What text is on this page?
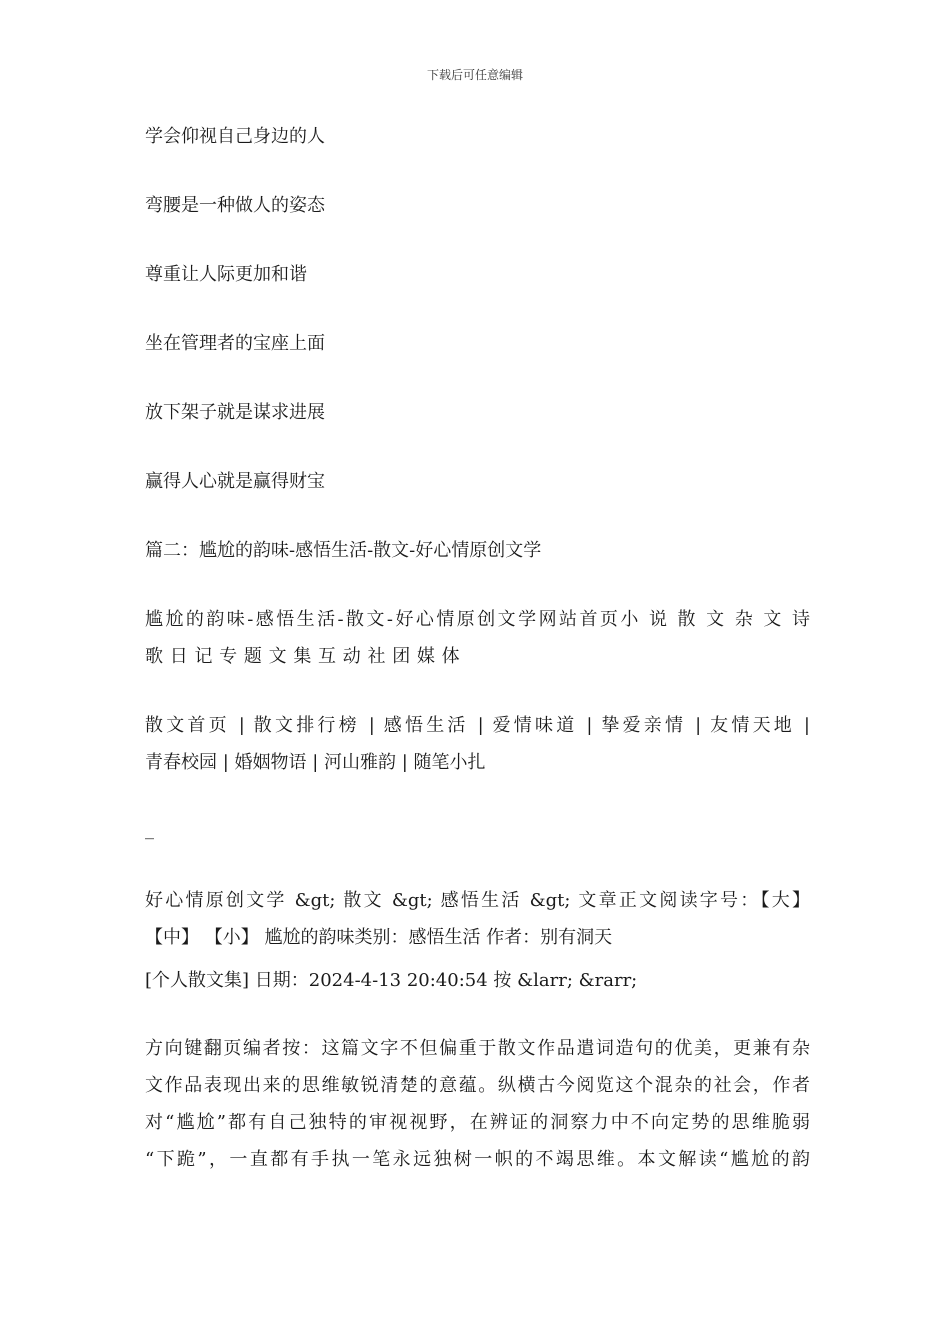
下载后可任意编辑
学会仰视自己身边的人
弯腰是一种做人的姿态
尊重让人际更加和谐
坐在管理者的宝座上面
放下架子就是谋求进展
赢得人心就是赢得财宝
篇二：尴尬的韵味-感悟生活-散文-好心情原创文学
尴尬的韵味-感悟生活-散文-好心情原创文学网站首页小 说 散 文 杂 文 诗
歌 日 记 专 题 文 集 互 动 社 团 媒 体
散文首页 | 散文排行榜 | 感悟生活 | 爱情味道 | 挚爱亲情 | 友情天地 |
青春校园 | 婚姻物语 | 河山雅韵 | 随笔小扎
_
好心情原创文学 &gt; 散文 &gt; 感悟生活 &gt; 文章正文阅读字号：【大】
【中】 【小】 尴尬的韵味类别：感悟生活 作者：别有洞天
[个人散文集] 日期：2024-4-13 20:40:54 按 &larr; &rarr;
方向键翻页编者按：这篇文字不但偏重于散文作品遣词造句的优美，更兼有杂
文作品表现出来的思维敏锐清楚的意蕴。纵横古今阅览这个混杂的社会，作者
对“尴尬”都有自己独特的审视视野，在辨证的洞察力中不向定势的思维脆弱
“下跪”，一直都有手执一笔永远独树一帜的不竭思维。本文解读“尴尬的韵
